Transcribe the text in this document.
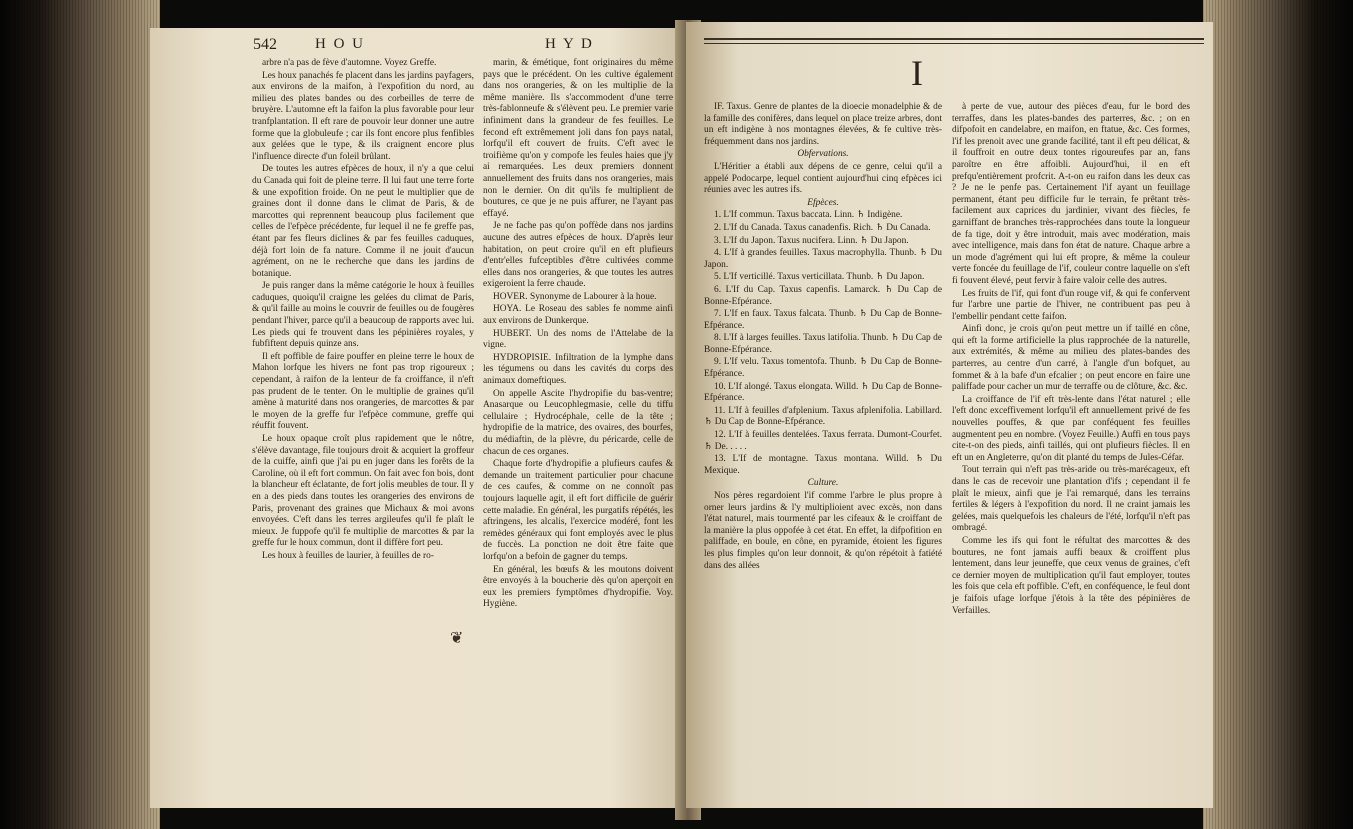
542	H O U	H Y D

arbre n'a pas de fève d'automne. Voyez Greffe.

Les houx panachés fe placent dans les jardins payfagers, aux environs de la maifon, à l'expofition du nord, au milieu des plates bandes ou des corbeilles de terre de bruyère. L'automne eft la faifon la plus favorable pour leur tranfplantation. Il eft rare de pouvoir leur donner une autre forme que la globuleufe ; car ils font encore plus fenfibles aux gelées que le type, & ils craignent encore plus l'influence directe d'un foleil brûlant.

De toutes les autres efpèces de houx, il n'y a que celui du Canada qui foit de pleine terre. Il lui faut une terre forte & une expofition froide. On ne peut le multiplier que de graines dont il donne dans le climat de Paris, & de marcottes qui reprennent beaucoup plus facilement que celles de l'efpèce précédente, fur lequel il ne fe greffe pas, étant par fes fleurs diclines & par fes feuilles caduques, déjà fort loin de fa nature. Comme il ne jouit d'aucun agrément, on ne le recherche que dans les jardins de botanique.

Je puis ranger dans la même catégorie le houx à feuilles caduques, quoiqu'il craigne les gelées du climat de Paris, & qu'il faille au moins le couvrir de feuilles ou de fougères pendant l'hiver, parce qu'il a beaucoup de rapports avec lui. Les pieds qui fe trouvent dans les pépinières royales, y fubfiftent depuis quinze ans.

Il eft poffible de faire pouffer en pleine terre le houx de Mahon lorfque les hivers ne font pas trop rigoureux ; cependant, à raifon de la lenteur de fa croiffance, il n'eft pas prudent de le tenter. On le multiplie de graines qu'il amène à maturité dans nos orangeries, de marcottes & par le moyen de la greffe fur l'efpèce commune, greffe qui réuffit fouvent.

Le houx opaque croît plus rapidement que le nôtre, s'élève davantage, file toujours droit & acquiert la groffeur de la cuiffe, ainfi que j'ai pu en juger dans les forêts de la Caroline, où il eft fort commun. On fait avec fon bois, dont la blancheur eft éclatante, de fort jolis meubles de tour. Il y en a des pieds dans toutes les orangeries des environs de Paris, provenant des graines que Michaux & moi avons envoyées. C'eft dans les terres argileufes qu'il fe plaît le mieux. Je fuppofe qu'il fe multiplie de marcottes & par la greffe fur le houx commun, dont il diffère fort peu.

Les houx à feuilles de laurier, à feuilles de ro-

marin, & émétique, font originaires du même pays que le précédent. On les cultive également dans nos orangeries, & on les multiplie de la même manière. Ils s'accommodent d'une terre très-fablonneufe & s'élèvent peu. Le premier varie infiniment dans la grandeur de fes feuilles. Le fecond eft extrêmement joli dans fon pays natal, lorfqu'il eft couvert de fruits. C'eft avec le troifième qu'on y compofe les feules haies que j'y ai remarquées. Les deux premiers donnent annuellement des fruits dans nos orangeries, mais non le dernier. On dit qu'ils fe multiplient de boutures, ce que je ne puis affurer, ne l'ayant pas effayé.

Je ne fache pas qu'on poffède dans nos jardins aucune des autres efpèces de houx. D'après leur habitation, on peut croire qu'il en eft plufieurs d'entr'elles fufceptibles d'être cultivées comme elles dans nos orangeries, & que toutes les autres exigeroient la ferre chaude.

HOVER. Synonyme de Labourer à la houe.

HOYA. Le Roseau des sables fe nomme ainfi aux environs de Dunkerque.

HUBERT. Un des noms de l'Attelabe de la vigne.

HYDROPISIE. Infiltration de la lymphe dans les tégumens ou dans les cavités du corps des animaux domeftiques.

On appelle Ascite l'hydropifie du bas-ventre; Anasarque ou Leucophlegmasie, celle du tiffu cellulaire ; Hydrocéphale, celle de la tête ; hydropifie de la matrice, des ovaires, des bourfes, du médiaftin, de la plèvre, du péricarde, celle de chacun de ces organes.

Chaque forte d'hydropifie a plufieurs caufes & demande un traitement particulier pour chacune de ces caufes, & comme on ne connoît pas toujours laquelle agit, il eft fort difficile de guérir cette maladie. En général, les purgatifs répétés, les aftringens, les alcalis, l'exercice modéré, font les remèdes généraux qui font employés avec le plus de fuccès. La ponction ne doit être faite que lorfqu'on a befoin de gagner du temps.

En général, les bœufs & les moutons doivent être envoyés à la boucherie dès qu'on aperçoit en eux les premiers fymptômes d'hydropifie. Voy. Hygiène.

❦
I

IF. Taxus. Genre de plantes de la dioecie monadelphie & de la famille des conifères, dans lequel on place treize arbres, dont un eft indigène à nos montagnes élevées, & fe cultive très-fréquemment dans nos jardins.

Obfervations.

L'Héritier a établi aux dépens de ce genre, celui qu'il a appelé Podocarpe, lequel contient aujourd'hui cinq efpèces ici réunies avec les autres ifs.

Efpèces.

1. L'If commun. Taxus baccata. Linn. ♄ Indigène.

2. L'If du Canada. Taxus canadenfis. Rich. ♄ Du Canada.

3. L'If du Japon. Taxus nucifera. Linn. ♄ Du Japon.

4. L'If à grandes feuilles. Taxus macrophylla. Thunb. ♄ Du Japon.

5. L'If verticillé. Taxus verticillata. Thunb. ♄ Du Japon.

6. L'If du Cap. Taxus capenfis. Lamarck. ♄ Du Cap de Bonne-Efpérance.

7. L'If en faux. Taxus falcata. Thunb. ♄ Du Cap de Bonne-Efpérance.

8. L'If à larges feuilles. Taxus latifolia. Thunb. ♄ Du Cap de Bonne-Efpérance.

9. L'If velu. Taxus tomentofa. Thunb. ♄ Du Cap de Bonne-Efpérance.

10. L'If alongé. Taxus elongata. Willd. ♄ Du Cap de Bonne-Efpérance.

11. L'If à feuilles d'afplenium. Taxus afplenifolia. Labillard. ♄ Du Cap de Bonne-Efpérance.

12. L'If à feuilles dentelées. Taxus ferrata. Dumont-Courfet. ♄ De. . . . .

13. L'If de montagne. Taxus montana. Willd. ♄ Du Mexique.

Culture.

Nos pères regardoient l'if comme l'arbre le plus propre à orner leurs jardins & l'y multiplioient avec excès, non dans l'état naturel, mais tourmenté par les cifeaux & le croiffant de la manière la plus oppofée à cet état. En effet, la difpofition en paliffade, en boule, en cône, en pyramide, étoient les figures les plus fimples qu'on leur donnoit, & qu'on répétoit à fatiété dans des allées

à perte de vue, autour des pièces d'eau, fur le bord des terraffes, dans les plates-bandes des parterres, &c. ; on en difpofoit en candelabre, en maifon, en ftatue, &c. Ces formes, l'if les prenoit avec une grande facilité, tant il eft peu délicat, & il fouffroit en outre deux tontes rigoureufes par an, fans paroître en être affoibli. Aujourd'hui, il en eft prefqu'entièrement profcrit. A-t-on eu raifon dans les deux cas ? Je ne le penfe pas. Certainement l'if ayant un feuillage permanent, étant peu difficile fur le terrain, fe prêtant très-facilement aux caprices du jardinier, vivant des fiècles, fe garniffant de branches très-rapprochées dans toute la longueur de fa tige, doit y être introduit, mais avec modération, mais avec intelligence, mais dans fon état de nature. Chaque arbre a un mode d'agrément qui lui eft propre, & même la couleur verte foncée du feuillage de l'if, couleur contre laquelle on s'eft fi fouvent élevé, peut fervir à faire valoir celle des autres.

Les fruits de l'if, qui font d'un rouge vif, & qui fe confervent fur l'arbre une partie de l'hiver, ne contribuent pas peu à l'embellir pendant cette faifon.

Ainfi donc, je crois qu'on peut mettre un if taillé en cône, qui eft la forme artificielle la plus rapprochée de la naturelle, aux extrémités, & même au milieu des plates-bandes des parterres, au centre d'un carré, à l'angle d'un bofquet, au fommet & à la bafe d'un efcalier ; on peut encore en faire une paliffade pour cacher un mur de terraffe ou de clôture, &c. &c.

La croiffance de l'if eft très-lente dans l'état naturel ; elle l'eft donc exceffivement lorfqu'il eft annuellement privé de fes nouvelles pouffes, & que par conféquent fes feuilles augmentent peu en nombre. (Voyez Feuille.) Auffi en tous pays cite-t-on des pieds, ainfi taillés, qui ont plufieurs fiècles. Il en eft un en Angleterre, qu'on dit planté du temps de Jules-Céfar.

Tout terrain qui n'eft pas très-aride ou très-marécageux, eft dans le cas de recevoir une plantation d'ifs ; cependant il fe plaît le mieux, ainfi que je l'ai remarqué, dans les terrains fertiles & légers à l'expofition du nord. Il ne craint jamais les gelées, mais quelquefois les chaleurs de l'été, lorfqu'il n'eft pas ombragé.

Comme les ifs qui font le réfultat des marcottes & des boutures, ne font jamais auffi beaux & croiffent plus lentement, dans leur jeuneffe, que ceux venus de graines, c'eft ce dernier moyen de multiplication qu'il faut employer, toutes les fois que cela eft poffible. C'eft, en conféquence, le feul dont je faifois ufage lorfque j'étois à la tête des pépinières de Verfailles.
